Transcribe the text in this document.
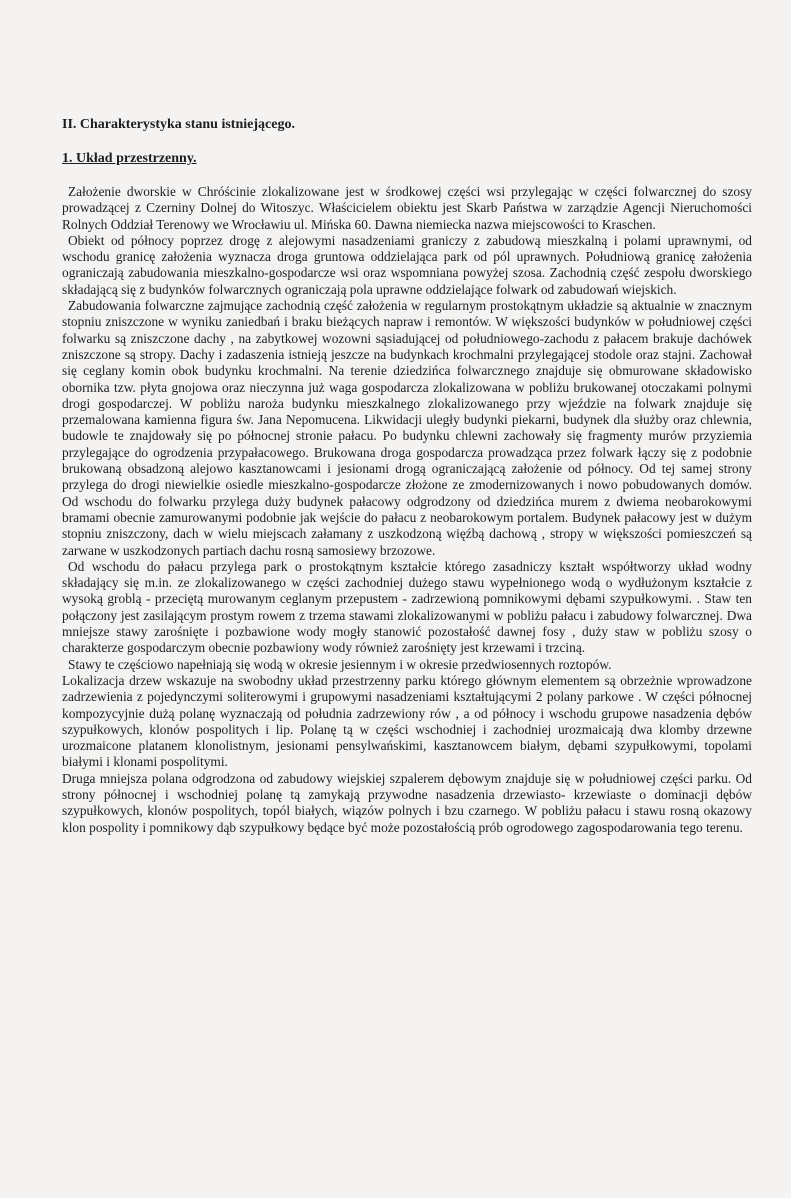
II. Charakterystyka stanu istniejącego.
1. Układ przestrzenny.

Założenie dworskie w Chróścinie zlokalizowane jest w środkowej części wsi przylegając w części folwarcznej do szosy prowadzącej z Czerniny Dolnej do Witoszyc. Właścicielem obiektu jest Skarb Państwa w zarządzie Agencji Nieruchomości Rolnych Oddział Terenowy we Wrocławiu ul. Mińska 60. Dawna niemiecka nazwa miejscowości to Kraschen.

Obiekt od północy poprzez drogę z alejowymi nasadzeniami graniczy z zabudową mieszkalną i polami uprawnymi, od wschodu granicę założenia wyznacza droga gruntowa oddzielająca park od pól uprawnych. Południową granicę założenia ograniczają zabudowania mieszkalno-gospodarcze wsi oraz wspomniana powyżej szosa. Zachodnią część zespołu dworskiego składającą się z budynków folwarcznych ograniczają pola uprawne oddzielające folwark od zabudowań wiejskich.

Zabudowania folwarczne zajmujące zachodnią część założenia w regularnym prostokątnym układzie są aktualnie w znacznym stopniu zniszczone w wyniku zaniedbań i braku bieżących napraw i remontów. W większości budynków w południowej części folwarku są zniszczone dachy , na zabytkowej wozowni sąsiadującej od południowego-zachodu z pałacem brakuje dachówek zniszczone są stropy. Dachy i zadaszenia istnieją jeszcze na budynkach krochmalni przylegającej stodole oraz stajni. Zachował się ceglany komin obok budynku krochmalni. Na terenie dziedzińca folwarcznego znajduje się obmurowane składowisko obornika tzw. płyta gnojowa oraz nieczynna już waga gospodarcza zlokalizowana w pobliżu brukowanej otoczakami polnymi drogi gospodarczej. W pobliżu naroża budynku mieszkalnego zlokalizowanego przy wjeździe na folwark znajduje się przemalowana kamienna figura św. Jana Nepomucena. Likwidacji uległy budynki piekarni, budynek dla służby oraz chlewnia, budowle te znajdowały się po północnej stronie pałacu. Po budynku chlewni zachowały się fragmenty murów przyziemia przylegające do ogrodzenia przypałacowego. Brukowana droga gospodarcza prowadząca przez folwark łączy się z podobnie brukowaną obsadzoną alejowo kasztanowcami i jesionami drogą ograniczającą założenie od północy. Od tej samej strony przylega do drogi niewielkie osiedle mieszkalno-gospodarcze złożone ze zmodernizowanych i nowo pobudowanych domów. Od wschodu do folwarku przylega duży budynek pałacowy odgrodzony od dziedzińca murem z dwiema neobarokowymi bramami obecnie zamurowanymi podobnie jak wejście do pałacu z neobarokowym portalem. Budynek pałacowy jest w dużym stopniu zniszczony, dach w wielu miejscach załamany z uszkodzoną więźbą dachową , stropy w większości pomieszczeń są zarwane w uszkodzonych partiach dachu rosną samosiewy brzozowe.

Od wschodu do pałacu przylega park o prostokątnym kształcie którego zasadniczy kształt współtworzy układ wodny składający się m.in. ze zlokalizowanego w części zachodniej dużego stawu wypełnionego wodą o wydłużonym kształcie z wysoką groblą - przeciętą murowanym ceglanym przepustem - zadrzewioną pomnikowymi dębami szypułkowymi. . Staw ten połączony jest zasilającym prostym rowem z trzema stawami zlokalizowanymi w pobliżu pałacu i zabudowy folwarcznej. Dwa mniejsze stawy zarośnięte i pozbawione wody mogły stanowić pozostałość dawnej fosy , duży staw w pobliżu szosy o charakterze gospodarczym obecnie pozbawiony wody również zarośnięty jest krzewami i trzciną.

Stawy te częściowo napełniają się wodą w okresie jesiennym i w okresie przedwiosennych roztopów.

Lokalizacja drzew wskazuje na swobodny układ przestrzenny parku którego głównym elementem są obrzeżnie wprowadzone zadrzewienia z pojedynczymi soliterowymi i grupowymi nasadzeniami kształtującymi 2 polany parkowe . W części północnej kompozycyjnie dużą polanę wyznaczają od południa zadrzewiony rów , a od północy i wschodu grupowe nasadzenia dębów szypułkowych, klonów pospolitych i lip. Polanę tą w części wschodniej i zachodniej urozmaicają dwa klomby drzewne urozmaicone platanem klonolistnym, jesionami pensylwańskimi, kasztanowcem białym, dębami szypułkowymi, topolami białymi i klonami pospolitymi.

Druga mniejsza polana odgrodzona od zabudowy wiejskiej szpalerem dębowym znajduje się w południowej części parku. Od strony północnej i wschodniej polanę tą zamykają przywodne nasadzenia drzewiasto- krzewiaste o dominacji dębów szypułkowych, klonów pospolitych, topól białych, wiązów polnych i bzu czarnego. W pobliżu pałacu i stawu rosną okazowy klon pospolity i pomnikowy dąb szypułkowy będące być może pozostałością prób ogrodowego zagospodarowania tego terenu.
